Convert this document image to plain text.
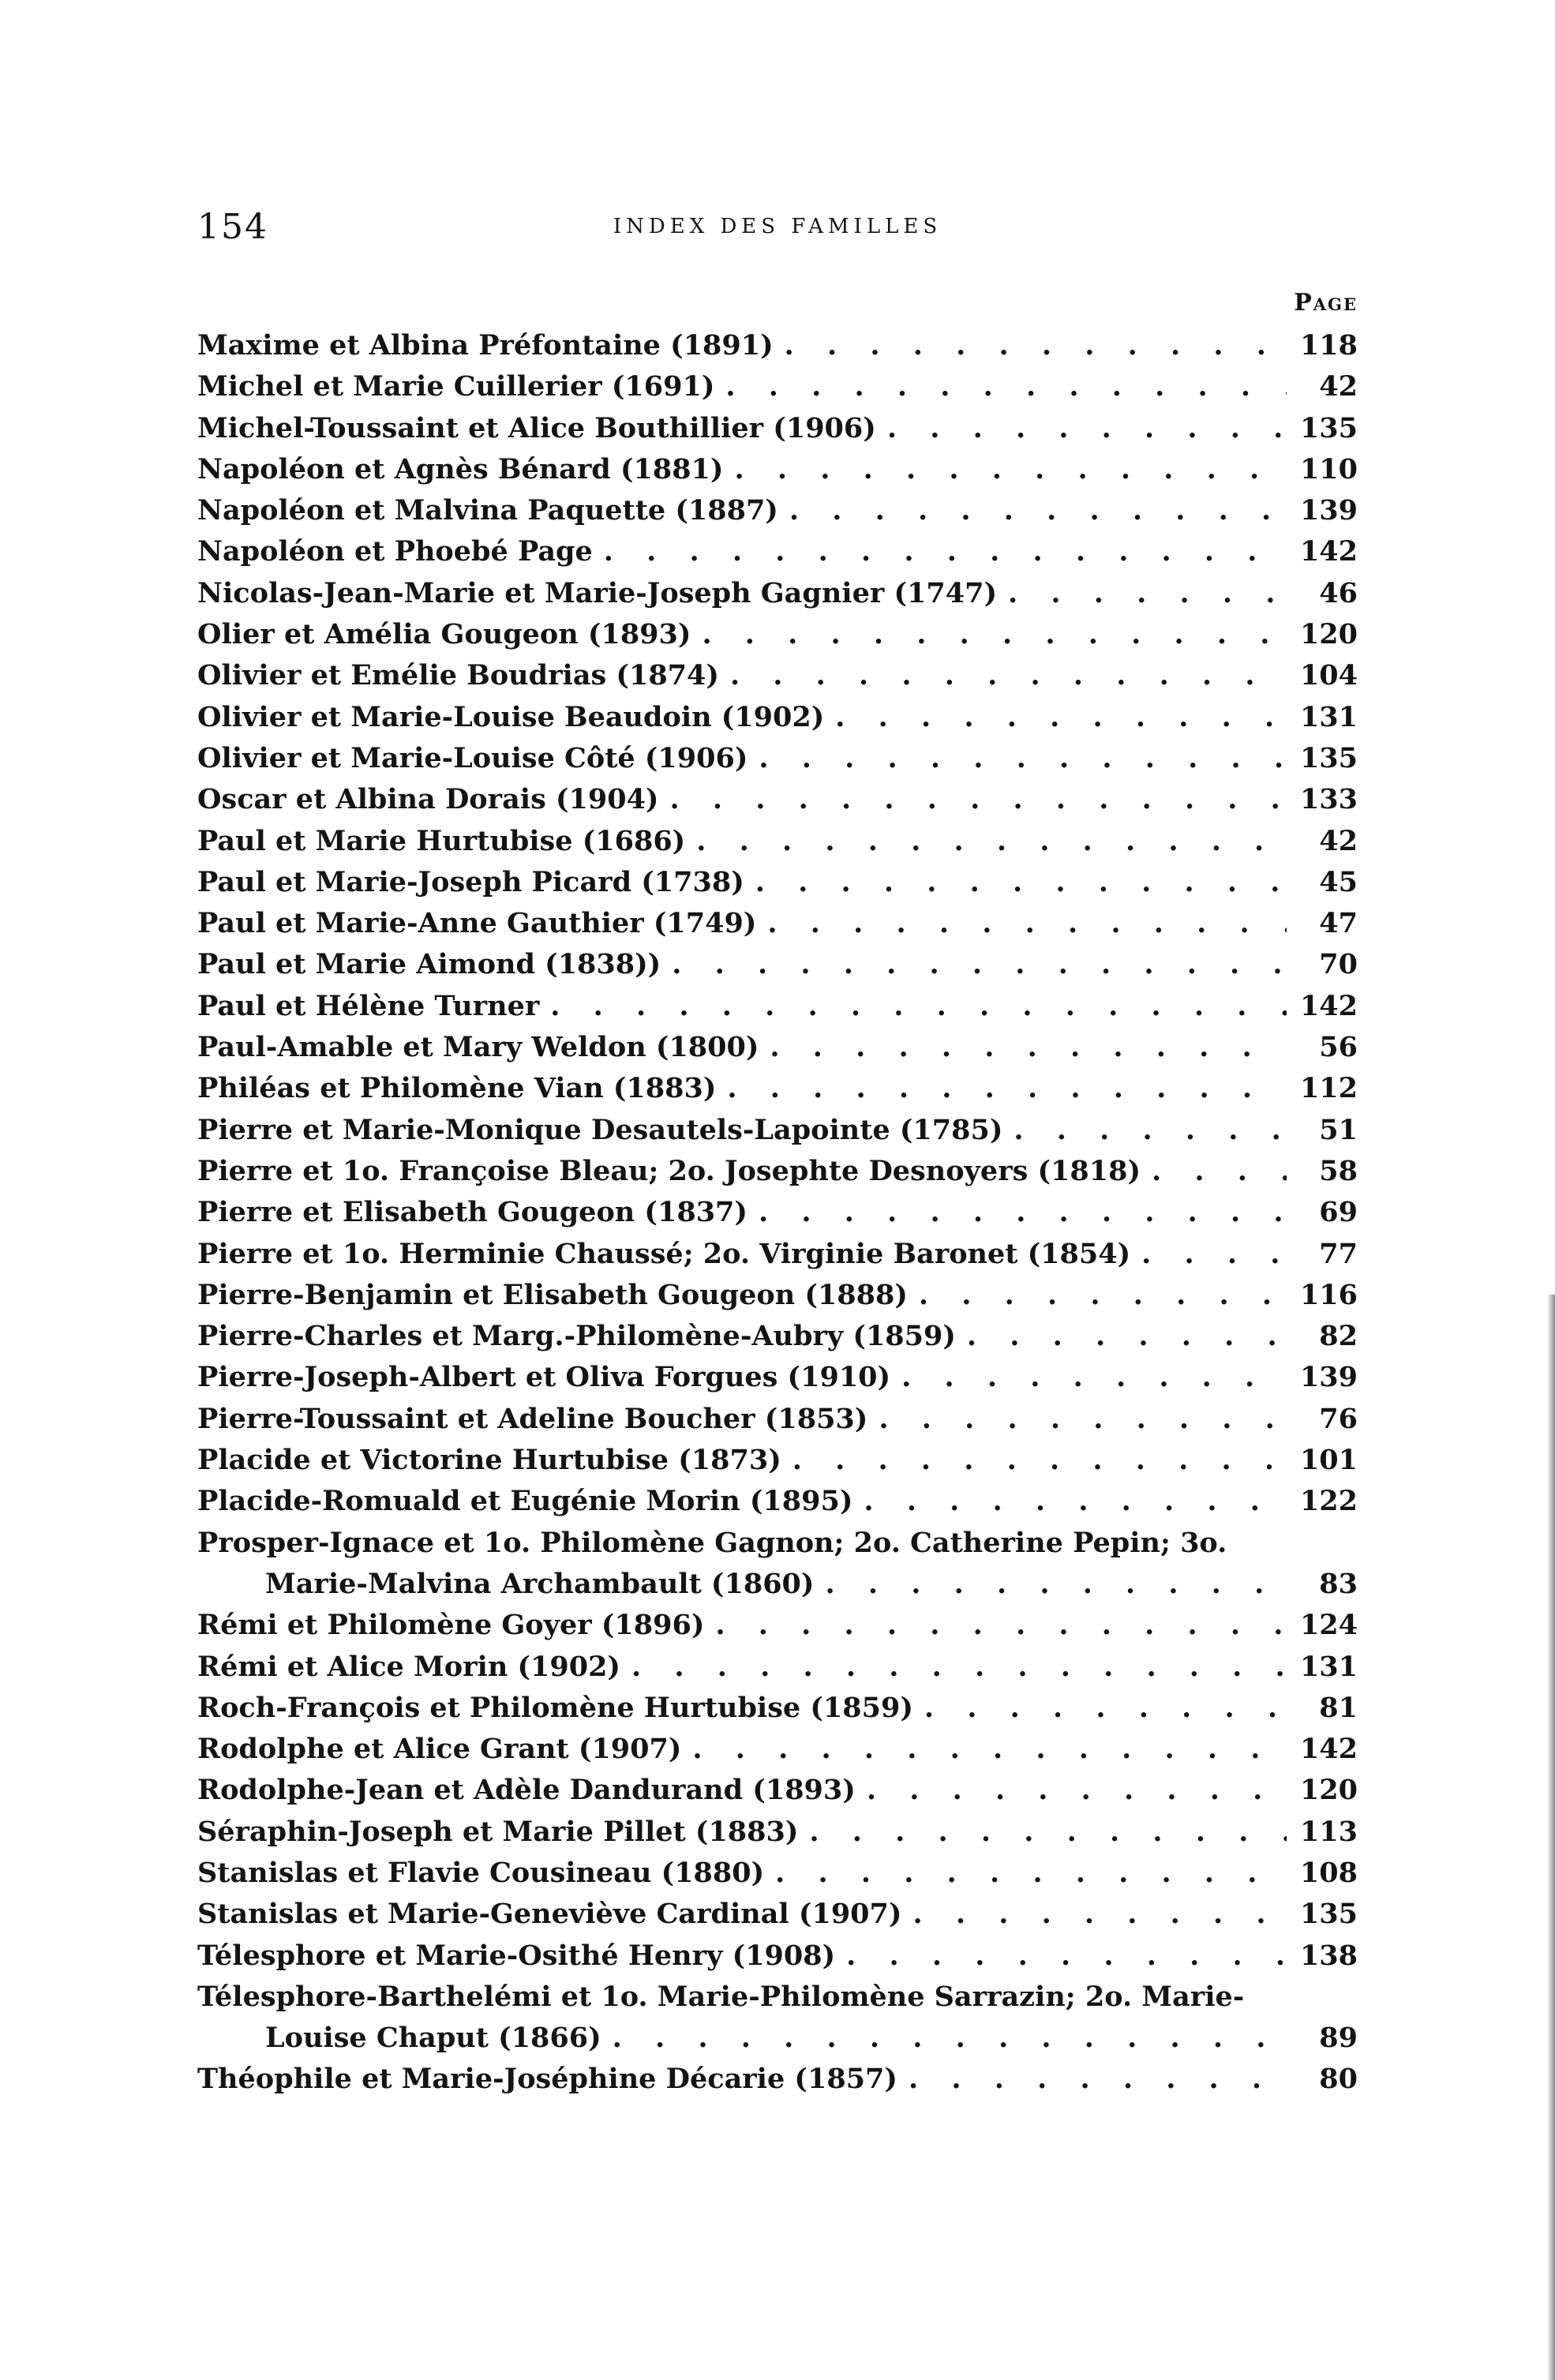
154	INDEX DES FAMILLES
Page
Maxime et Albina Préfontaine (1891) . . .	118
Michel et Marie Cuillerier (1691) . . .	42
Michel-Toussaint et Alice Bouthillier (1906) . . .	135
Napoléon et Agnès Bénard (1881) . . .	110
Napoléon et Malvina Paquette (1887) . . .	139
Napoléon et Phoebé Page . . .	142
Nicolas-Jean-Marie et Marie-Joseph Gagnier (1747) . . .	46
Olier et Amélia Gougeon (1893) . . .	120
Olivier et Emélie Boudrias (1874) . . .	104
Olivier et Marie-Louise Beaudoin (1902) . . .	131
Olivier et Marie-Louise Côté (1906) . . .	135
Oscar et Albina Dorais (1904) . . .	133
Paul et Marie Hurtubise (1686) . . .	42
Paul et Marie-Joseph Picard (1738) . . .	45
Paul et Marie-Anne Gauthier (1749) . . .	47
Paul et Marie Aimond (1838)) . . .	70
Paul et Hélène Turner . . .	142
Paul-Amable et Mary Weldon (1800) . . .	56
Philéas et Philomène Vian (1883) . . .	112
Pierre et Marie-Monique Desautels-Lapointe (1785) . . .	51
Pierre et 1o. Françoise Bleau; 2o. Josephte Desnoyers (1818) . . .	58
Pierre et Elisabeth Gougeon (1837) . . .	69
Pierre et 1o. Herminie Chaussé; 2o. Virginie Baronet (1854) . . .	77
Pierre-Benjamin et Elisabeth Gougeon (1888) . . .	116
Pierre-Charles et Marg.-Philomène-Aubry (1859) . . .	82
Pierre-Joseph-Albert et Oliva Forgues (1910) . . .	139
Pierre-Toussaint et Adeline Boucher (1853) . . .	76
Placide et Victorine Hurtubise (1873) . . .	101
Placide-Romuald et Eugénie Morin (1895) . . .	122
Prosper-Ignace et 1o. Philomène Gagnon; 2o. Catherine Pepin; 3o.
Marie-Malvina Archambault (1860) . . .	83
Rémi et Philomène Goyer (1896) . . .	124
Rémi et Alice Morin (1902) . . .	131
Roch-François et Philomène Hurtubise (1859) . . .	81
Rodolphe et Alice Grant (1907) . . .	142
Rodolphe-Jean et Adèle Dandurand (1893) . . .	120
Séraphin-Joseph et Marie Pillet (1883) . . .	113
Stanislas et Flavie Cousineau (1880) . . .	108
Stanislas et Marie-Geneviève Cardinal (1907) . . .	135
Télesphore et Marie-Osithé Henry (1908) . . .	138
Télesphore-Barthelémi et 1o. Marie-Philomène Sarrazin; 2o. Marie-
Louise Chaput (1866) . . .	89
Théophile et Marie-Joséphine Décarie (1857) . . .	80
